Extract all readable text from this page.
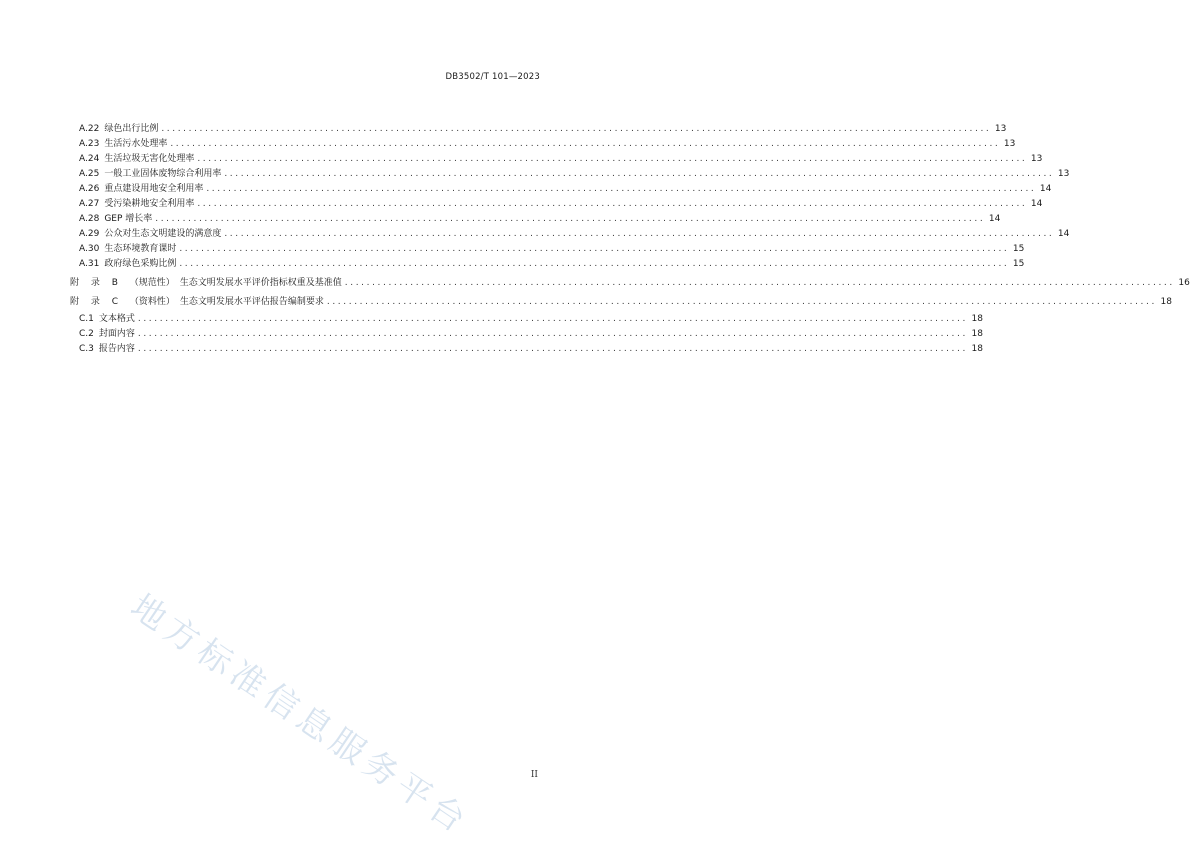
DB3502/T 101—2023
A.22 绿色出行比例 ........................................................................................................................................................ 13
A.23 生活污水处理率 ........................................................................................................................................................ 13
A.24 生活垃圾无害化处理率 ........................................................................................................................................................ 13
A.25 一般工业固体废物综合利用率 ........................................................................................................................................................ 13
A.26 重点建设用地安全利用率 ........................................................................................................................................................ 14
A.27 受污染耕地安全利用率 ........................................................................................................................................................ 14
A.28 GEP 增长率 ........................................................................................................................................................ 14
A.29 公众对生态文明建设的满意度 ........................................................................................................................................................ 14
A.30 生态环境教育课时 ........................................................................................................................................................ 15
A.31 政府绿色采购比例 ........................................................................................................................................................ 15
附 录 B （规范性） 生态文明发展水平评价指标权重及基准值 ........................................................................................................................................................ 16
附 录 C （资料性） 生态文明发展水平评估报告编制要求 ........................................................................................................................................................ 18
C.1 文本格式 ........................................................................................................................................................ 18
C.2 封面内容 ........................................................................................................................................................ 18
C.3 报告内容 ........................................................................................................................................................ 18
地方标准信息服务平台	II
